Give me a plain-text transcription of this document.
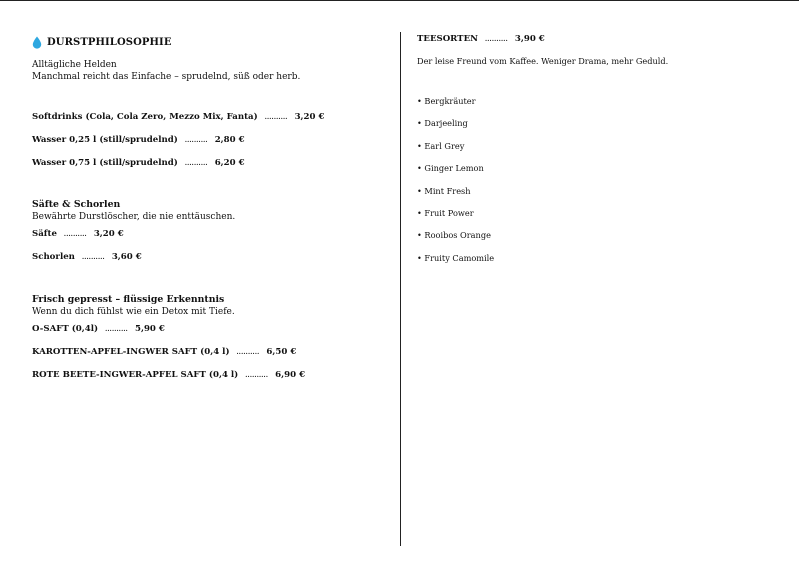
DURSTPHILOSOPHIE
Alltägliche Helden
Manchmal reicht das Einfache – sprudelnd, süß oder herb.
Softdrinks (Cola, Cola Zero, Mezzo Mix, Fanta) .......... 3,20 €
Wasser 0,25 l (still/sprudelnd) .......... 2,80 €
Wasser 0,75 l (still/sprudelnd) .......... 6,20 €
Säfte & Schorlen
Bewährte Durstlöscher, die nie enttäuschen.
Säfte .......... 3,20 €
Schorlen .......... 3,60 €
Frisch gepresst – flüssige Erkenntnis
Wenn du dich fühlst wie ein Detox mit Tiefe.
O-SAFT (0,4l) .......... 5,90 €
KAROTTEN-APFEL-INGWER SAFT (0,4 l) .......... 6,50 €
ROTE BEETE-INGWER-APFEL SAFT (0,4 l) .......... 6,90 €
TEESORTEN .......... 3,90 €
Der leise Freund vom Kaffee. Weniger Drama, mehr Geduld.
• Bergkräuter
• Darjeeling
• Earl Grey
• Ginger Lemon
• Mint Fresh
• Fruit Power
• Rooibos Orange
• Fruity Camomile
